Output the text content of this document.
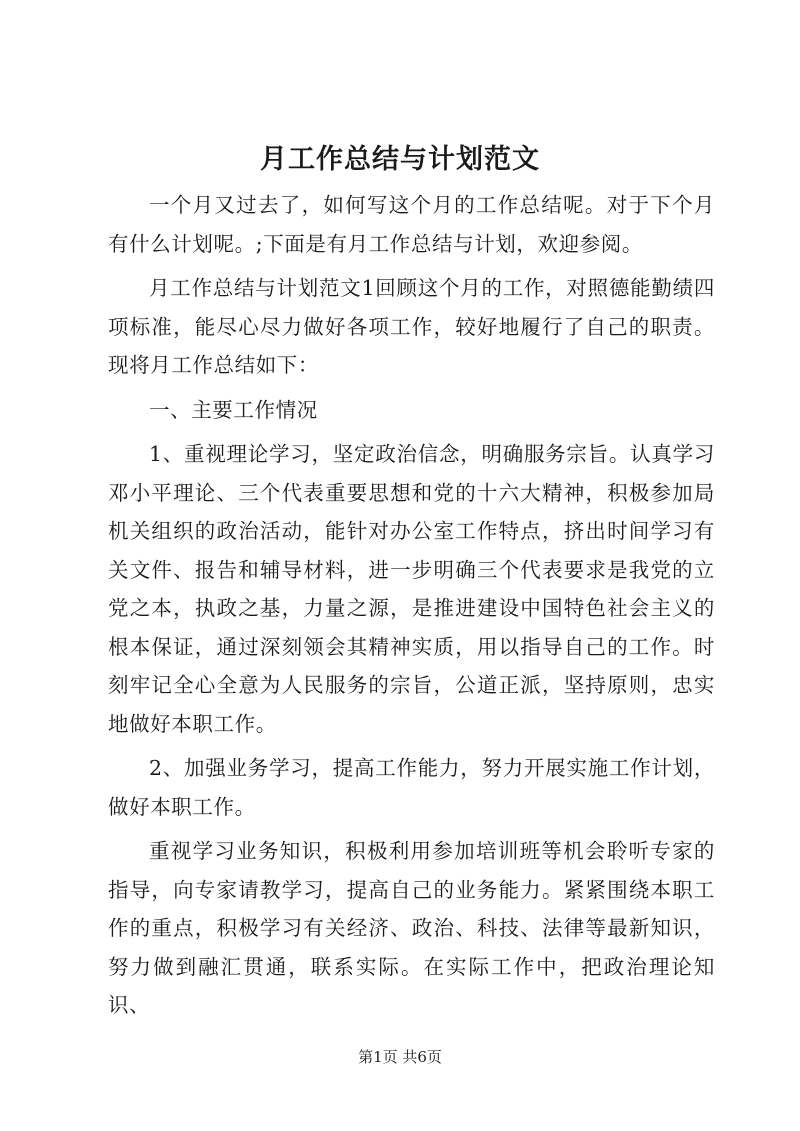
月工作总结与计划范文

一个月又过去了，如何写这个月的工作总结呢。对于下个月有什么计划呢。;下面是有月工作总结与计划，欢迎参阅。

月工作总结与计划范文1回顾这个月的工作，对照德能勤绩四项标准，能尽心尽力做好各项工作，较好地履行了自己的职责。现将月工作总结如下：

一、主要工作情况

1、重视理论学习，坚定政治信念，明确服务宗旨。认真学习邓小平理论、三个代表重要思想和党的十六大精神，积极参加局机关组织的政治活动，能针对办公室工作特点，挤出时间学习有关文件、报告和辅导材料，进一步明确三个代表要求是我党的立党之本，执政之基，力量之源，是推进建设中国特色社会主义的根本保证，通过深刻领会其精神实质，用以指导自己的工作。时刻牢记全心全意为人民服务的宗旨，公道正派，坚持原则，忠实地做好本职工作。

2、加强业务学习，提高工作能力，努力开展实施工作计划，做好本职工作。

重视学习业务知识，积极利用参加培训班等机会聆听专家的指导，向专家请教学习，提高自己的业务能力。紧紧围绕本职工作的重点，积极学习有关经济、政治、科技、法律等最新知识，努力做到融汇贯通，联系实际。在实际工作中，把政治理论知识、

第1页 共6页
